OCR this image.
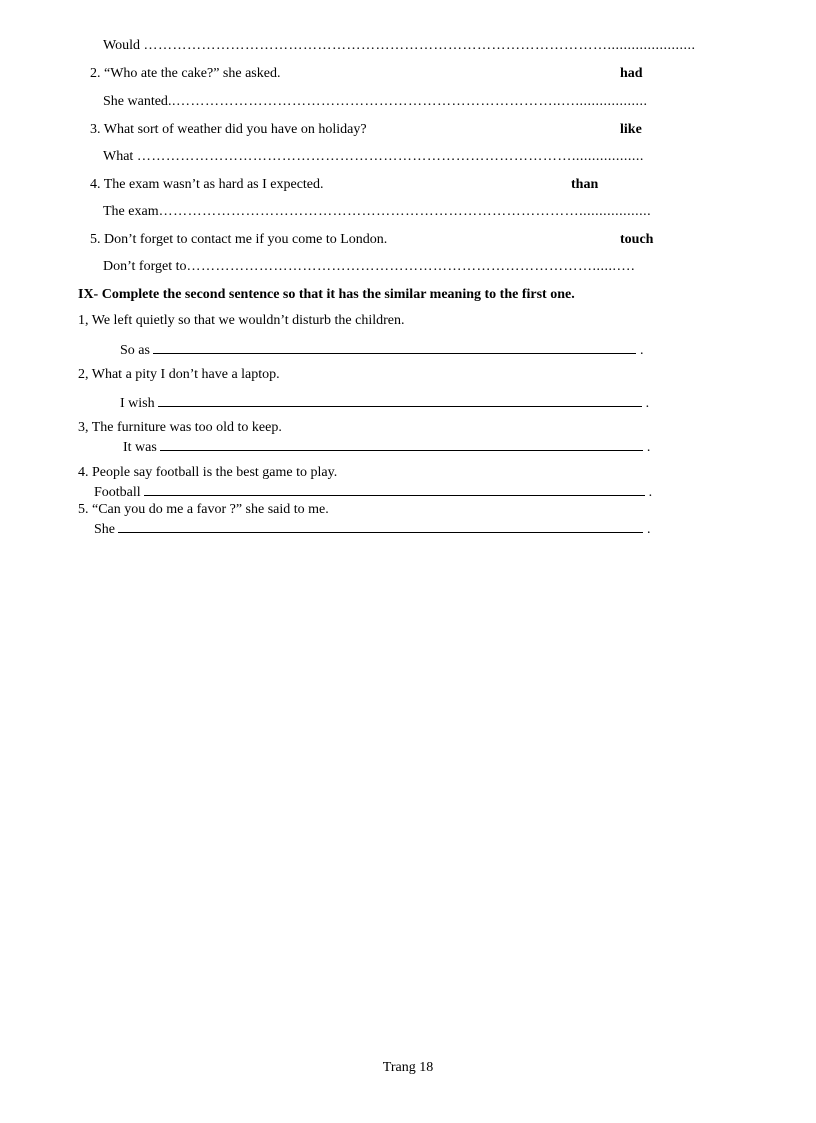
Would ……………………………………………………………………………………......................
2. “Who ate the cake?” she asked.	had
She wanted..……………………………………………………………………..…..................
3. What sort of weather did you have on holiday?	like
What ………………………………………………………………………………..................
4. The exam wasn’t as hard as I expected.	than
The exam……………………………………………………………………………..................
5. Don’t forget to contact me if you come to London.	touch
Don’t forget to…………………………………………………………………………......….
IX- Complete the second sentence so that it has the similar meaning to the first one.
1, We left quietly so that we wouldn’t disturb the children.
So as	.
2, What a pity I don’t have a laptop.
I wish	.
3, The furniture was too old to keep.
It was	.
4. People say football is the best game to play.
Football	.
5. “Can you do me a favor ?” she said to me.
She	.
Trang 18
